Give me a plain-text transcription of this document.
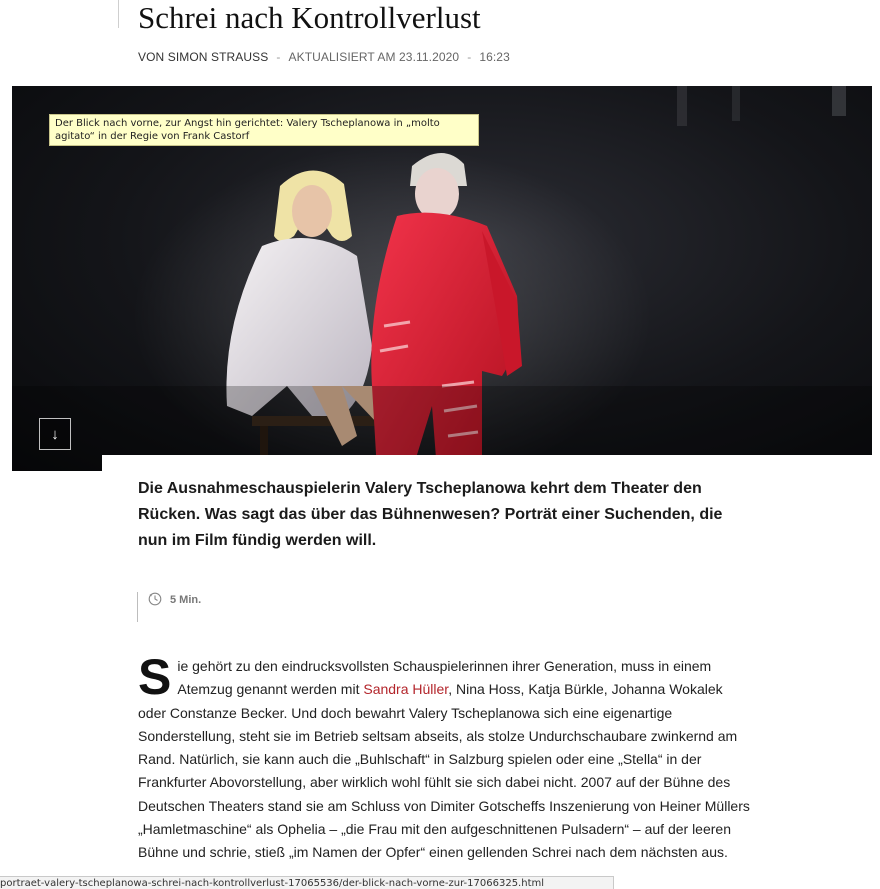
Schrei nach Kontrollverlust
VON SIMON STRAUSS - AKTUALISIERT AM 23.11.2020 - 16:23
Der Blick nach vorne, zur Angst hin gerichtet: Valery Tscheplanowa in „molto agitato“ in der Regie von Frank Castorf
↓

Die Ausnahmeschauspielerin Valery Tscheplanowa kehrt dem Theater den Rücken. Was sagt das über das Bühnenwesen? Porträt einer Suchenden, die nun im Film fündig werden will.

5 Min.

Sie gehört zu den eindrucksvollsten Schauspielerinnen ihrer Generation, muss in einem Atemzug genannt werden mit Sandra Hüller, Nina Hoss, Katja Bürkle, Johanna Wokalek oder Constanze Becker. Und doch bewahrt Valery Tscheplanowa sich eine eigenartige Sonderstellung, steht sie im Betrieb seltsam abseits, als stolze Undurchschaubare zwinkernd am Rand. Natürlich, sie kann auch die „Buhlschaft“ in Salzburg spielen oder eine „Stella“ in der Frankfurter Abovorstellung, aber wirklich wohl fühlt sie sich dabei nicht. 2007 auf der Bühne des Deutschen Theaters stand sie am Schluss von Dimiter Gotscheffs Inszenierung von Heiner Müllers „Hamletmaschine“ als Ophelia – „die Frau mit den aufgeschnittenen Pulsadern“ – auf der leeren Bühne und schrie, stieß „im Namen der Opfer“ einen gellenden Schrei nach dem nächsten aus.

portraet-valery-tscheplanowa-schrei-nach-kontrollverlust-17065536/der-blick-nach-vorne-zur-17066325.html
